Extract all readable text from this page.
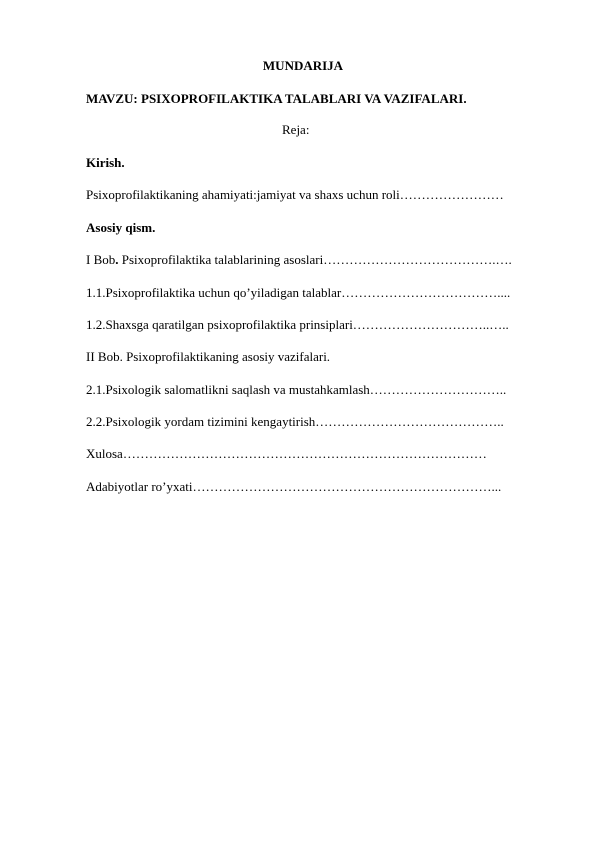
MUNDARIJA
MAVZU: PSIXOPROFILAKTIKA TALABLARI VA VAZIFALARI.
Reja:
Kirish.
Psixoprofilaktikaning ahamiyati:jamiyat va shaxs uchun roli……………………
Asosiy qism.
I Bob. Psixoprofilaktika talablarining asoslari………………………………….….
1.1.Psixoprofilaktika uchun qo’yiladigan talablar………………………………....
1.2.Shaxsga qaratilgan psixoprofilaktika prinsiplari…………………………..…..
II Bob. Psixoprofilaktikaning asosiy vazifalari.
2.1.Psixologik salomatlikni saqlash va mustahkamlash…………………………..
2.2.Psixologik yordam tizimini kengaytirish……………………………………..
Xulosa…………………………………………………………………………
Adabiyotlar ro’yxati……………………………………………………………...
